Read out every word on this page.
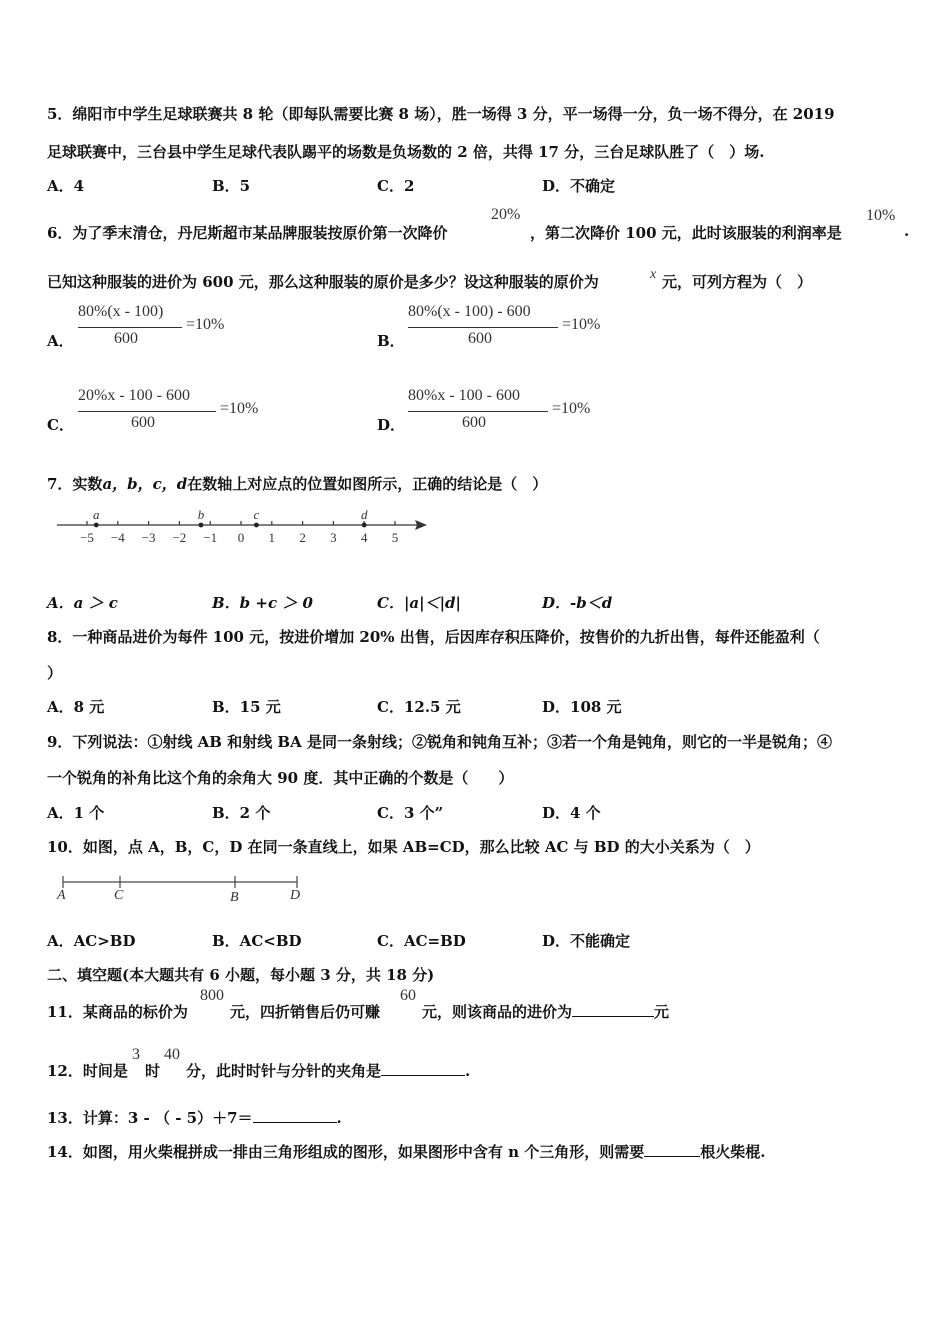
5．绵阳市中学生足球联赛共 8 轮（即每队需要比赛 8 场），胜一场得 3 分，平一场得一分，负一场不得分，在 2019
足球联赛中，三台县中学生足球代表队踢平的场数是负场数的 2 倍，共得 17 分，三台足球队胜了（　）场.
A．4	B．5	C．2	D．不确定
6．为了季末清仓，丹尼斯超市某品牌服装按原价第一次降价
20%
，第二次降价 100 元，此时该服装的利润率是
10%
.
已知这种服装的进价为 600 元，那么这种服装的原价是多少？设这种服装的原价为	x 元，可列方程为（　）
A．
80%(x - 100)
600
=10%
B．
80%(x - 100) - 600
600
=10%
C．
20%x - 100 - 600
600
=10%
D．
80%x - 100 - 600
600
=10%
7．实数a，b，c，d在数轴上对应点的位置如图所示，正确的结论是（　）
−5 −4 −3 −2 −1 0 1 2 3 4 5
a	b	c	d
A．a ＞ c	B．b +c ＞ 0	C．|a|＜|d|	D．-b＜d
8．一种商品进价为每件 100 元，按进价增加 20% 出售，后因库存积压降价，按售价的九折出售，每件还能盈利（
）
A．8 元	B．15 元	C．12.5 元	D．108 元
9．下列说法：①射线 AB 和射线 BA 是同一条射线；②锐角和钝角互补；③若一个角是钝角，则它的一半是锐角；④
一个锐角的补角比这个角的余角大 90 度．其中正确的个数是（　　）
A．1 个	B．2 个	C．3 个”	D．4 个
10．如图，点 A，B，C，D 在同一条直线上，如果 AB=CD，那么比较 AC 与 BD 的大小关系为（　）
A	C	B	D
A．AC>BD	B．AC<BD	C．AC=BD	D．不能确定
二、填空题(本大题共有 6 小题，每小题 3 分，共 18 分)
11．某商品的标价为
800
元，四折销售后仍可赚
60
元，则该商品的进价为	元
12．时间是
3
时
40
分，此时时针与分针的夹角是	.
13．计算：3 - （ - 5）＋7＝	.
14．如图，用火柴棍拼成一排由三角形组成的图形，如果图形中含有 n 个三角形，则需要	根火柴棍.
